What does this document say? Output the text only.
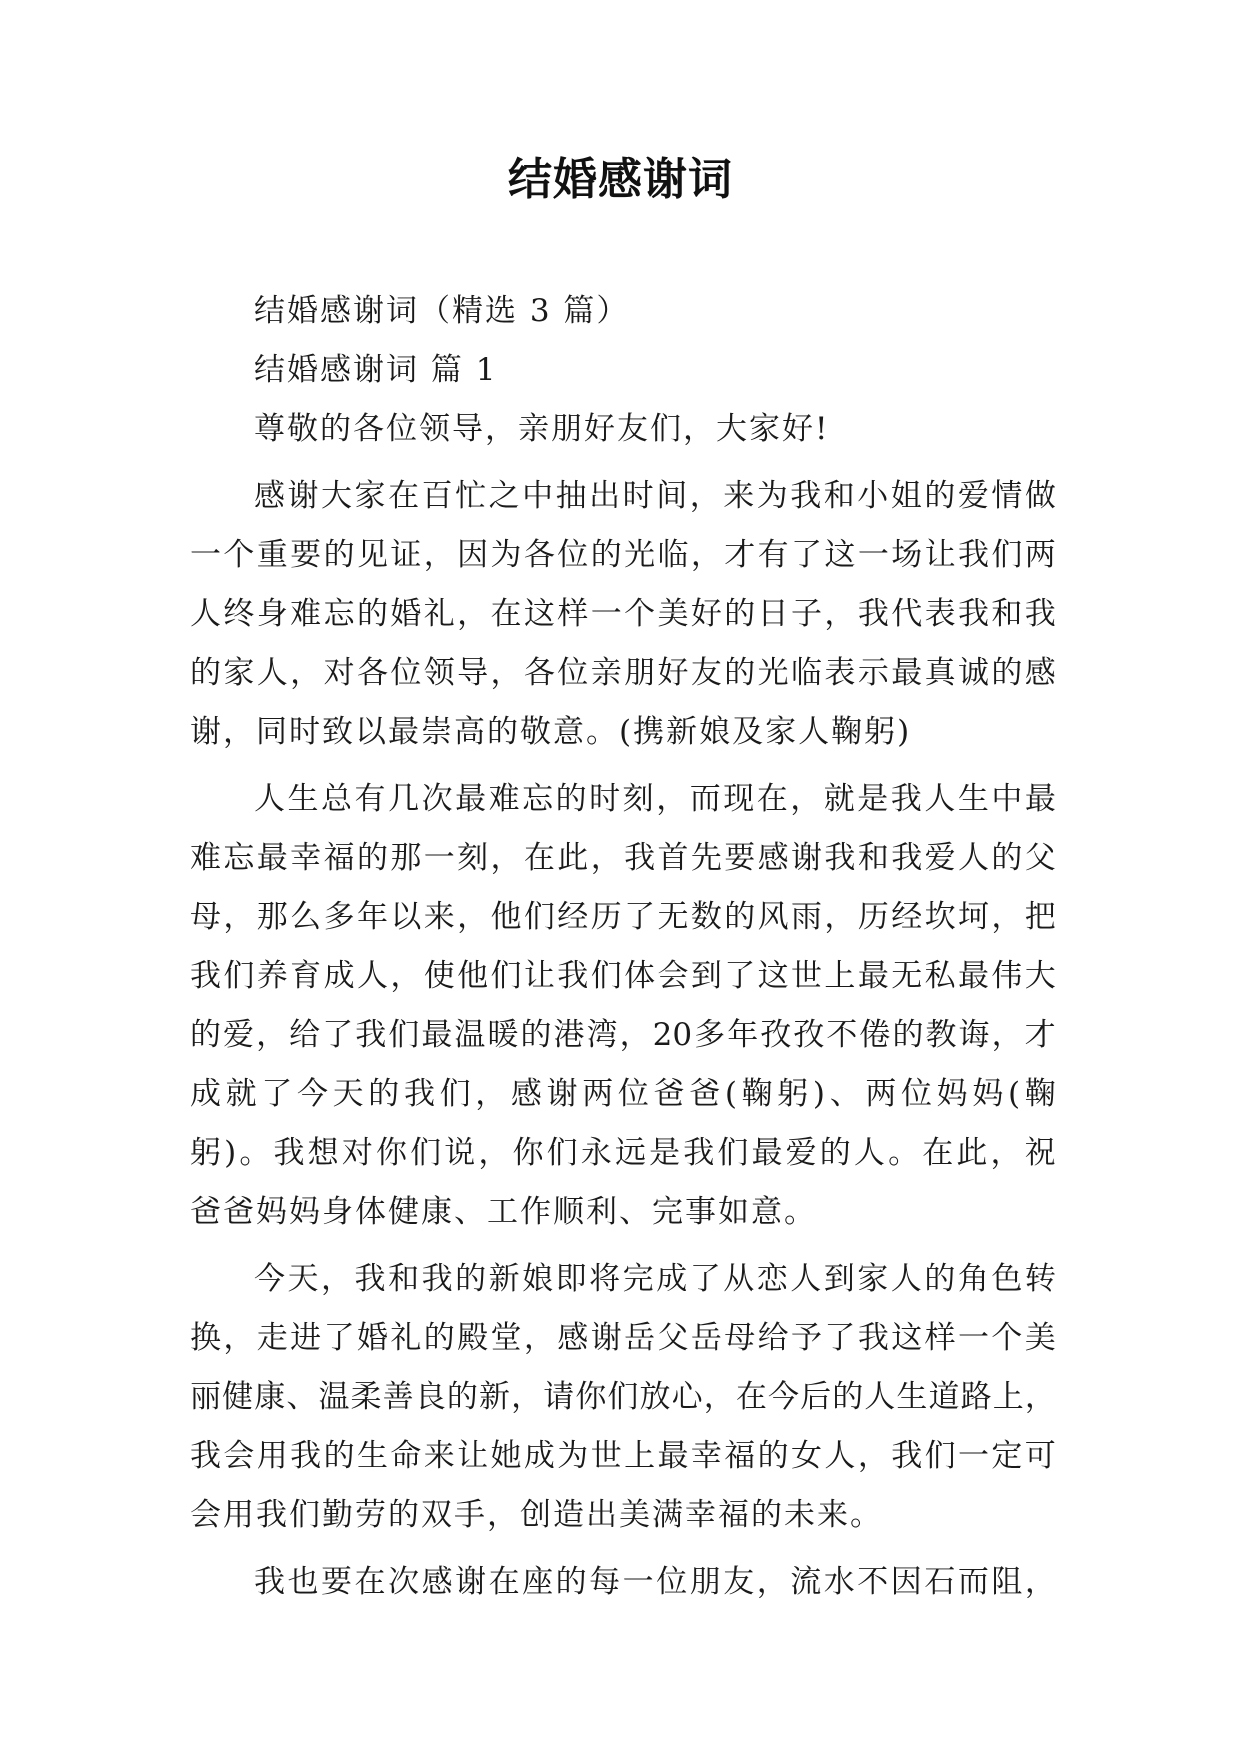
结婚感谢词

结婚感谢词（精选 3 篇）

结婚感谢词 篇 1

尊敬的各位领导，亲朋好友们，大家好!

感 谢 大 家 在 百 忙 之 中 抽 出 时 间 ， 来 为 我 和 小 姐 的 爱 情 做

一 个 重 要 的 见 证 ， 因 为 各 位 的 光 临 ， 才 有 了 这 一 场 让 我 们 两

人 终 身 难 忘 的 婚 礼 ， 在 这 样 一 个 美 好 的 日 子 ， 我 代 表 我 和 我

的 家 人 ， 对 各 位 领 导 ， 各 位 亲 朋 好 友 的 光 临 表 示 最 真 诚 的 感

谢，同时致以最崇高的敬意。(携新娘及家人鞠躬)

人 生 总 有 几 次 最 难 忘 的 时 刻 ， 而 现 在 ， 就 是 我 人 生 中 最

难 忘 最 幸 福 的 那 一 刻 ， 在 此 ， 我 首 先 要 感 谢 我 和 我 爱 人 的 父

母 ， 那 么 多 年 以 来 ， 他 们 经 历 了 无 数 的 风 雨 ， 历 经 坎 坷 ， 把

我 们 养 育 成 人 ， 使 他 们 让 我 们 体 会 到 了 这 世 上 最 无 私 最 伟 大

的 爱 ， 给 了 我 们 最 温 暖 的 港 湾 ， 20 多 年 孜 孜 不 倦 的 教 诲 ， 才

成 就 了 今 天 的 我 们 ， 感 谢 两 位 爸 爸 ( 鞠 躬 ) 、 两 位 妈 妈 ( 鞠

躬 ) 。 我 想 对 你 们 说 ， 你 们 永 远 是 我 们 最 爱 的 人 。 在 此 ， 祝

爸爸妈妈身体健康、工作顺利、完事如意。

今 天 ， 我 和 我 的 新 娘 即 将 完 成 了 从 恋 人 到 家 人 的 角 色 转

换 ， 走 进 了 婚 礼 的 殿 堂 ， 感 谢 岳 父 岳 母 给 予 了 我 这 样 一 个 美

丽 健 康 、 温 柔 善 良 的 新 ， 请 你 们 放 心 ， 在 今 后 的 人 生 道 路 上 ，

我 会 用 我 的 生 命 来 让 她 成 为 世 上 最 幸 福 的 女 人 ， 我 们 一 定 可

会用我们勤劳的双手，创造出美满幸福的未来。

我 也 要 在 次 感 谢 在 座 的 每 一 位 朋 友 ， 流 水 不 因 石 而 阻 ，
